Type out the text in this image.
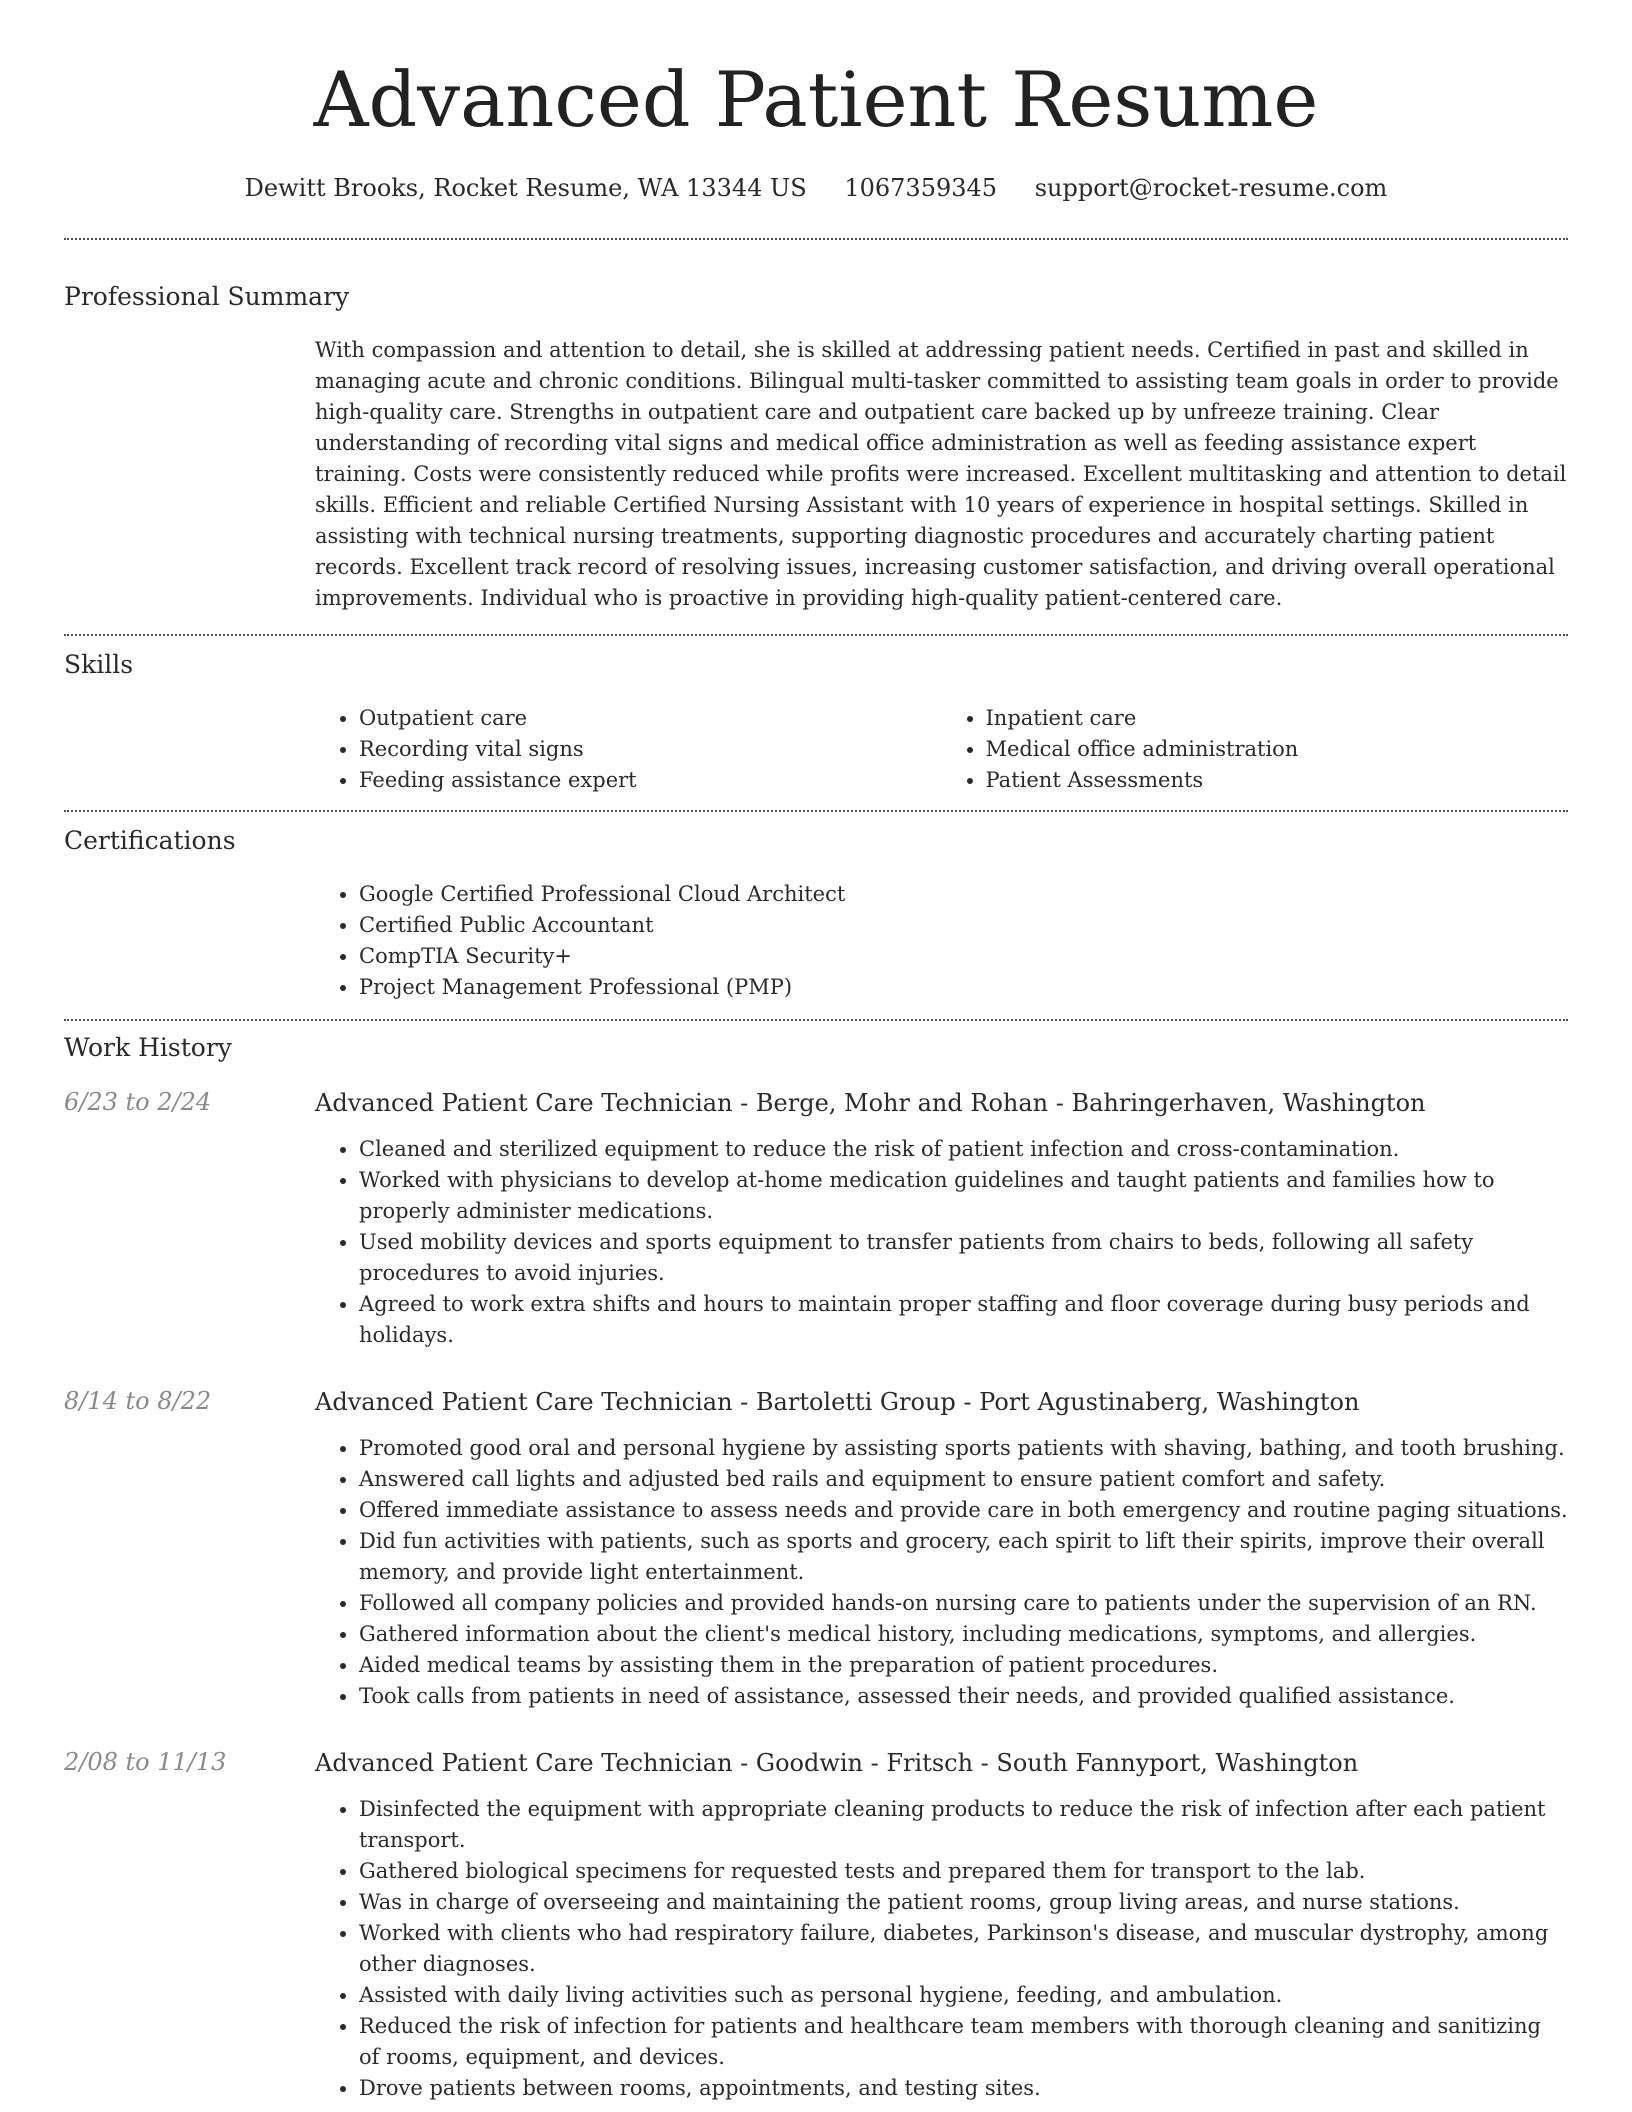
Advanced Patient Resume
Dewitt Brooks, Rocket Resume, WA 13344 US 1067359345 support@rocket-resume.com
Professional Summary

With compassion and attention to detail, she is skilled at addressing patient needs. Certified in past and skilled in managing acute and chronic conditions. Bilingual multi-tasker committed to assisting team goals in order to provide high-quality care. Strengths in outpatient care and outpatient care backed up by unfreeze training. Clear understanding of recording vital signs and medical office administration as well as feeding assistance expert training. Costs were consistently reduced while profits were increased. Excellent multitasking and attention to detail skills. Efficient and reliable Certified Nursing Assistant with 10 years of experience in hospital settings. Skilled in assisting with technical nursing treatments, supporting diagnostic procedures and accurately charting patient records. Excellent track record of resolving issues, increasing customer satisfaction, and driving overall operational improvements. Individual who is proactive in providing high-quality patient-centered care.

Skills
• Outpatient care
• Recording vital signs
• Feeding assistance expert
• Inpatient care
• Medical office administration
• Patient Assessments
Certifications
• Google Certified Professional Cloud Architect
• Certified Public Accountant
• CompTIA Security+
• Project Management Professional (PMP)
Work History
6/23 to 2/24	Advanced Patient Care Technician - Berge, Mohr and Rohan - Bahringerhaven, Washington
• Cleaned and sterilized equipment to reduce the risk of patient infection and cross-contamination.
• Worked with physicians to develop at-home medication guidelines and taught patients and families how to properly administer medications.
• Used mobility devices and sports equipment to transfer patients from chairs to beds, following all safety procedures to avoid injuries.
• Agreed to work extra shifts and hours to maintain proper staffing and floor coverage during busy periods and holidays.
8/14 to 8/22	Advanced Patient Care Technician - Bartoletti Group - Port Agustinaberg, Washington
• Promoted good oral and personal hygiene by assisting sports patients with shaving, bathing, and tooth brushing.
• Answered call lights and adjusted bed rails and equipment to ensure patient comfort and safety.
• Offered immediate assistance to assess needs and provide care in both emergency and routine paging situations.
• Did fun activities with patients, such as sports and grocery, each spirit to lift their spirits, improve their overall memory, and provide light entertainment.
• Followed all company policies and provided hands-on nursing care to patients under the supervision of an RN.
• Gathered information about the client's medical history, including medications, symptoms, and allergies.
• Aided medical teams by assisting them in the preparation of patient procedures.
• Took calls from patients in need of assistance, assessed their needs, and provided qualified assistance.
2/08 to 11/13	Advanced Patient Care Technician - Goodwin - Fritsch - South Fannyport, Washington
• Disinfected the equipment with appropriate cleaning products to reduce the risk of infection after each patient transport.
• Gathered biological specimens for requested tests and prepared them for transport to the lab.
• Was in charge of overseeing and maintaining the patient rooms, group living areas, and nurse stations.
• Worked with clients who had respiratory failure, diabetes, Parkinson's disease, and muscular dystrophy, among other diagnoses.
• Assisted with daily living activities such as personal hygiene, feeding, and ambulation.
• Reduced the risk of infection for patients and healthcare team members with thorough cleaning and sanitizing of rooms, equipment, and devices.
• Drove patients between rooms, appointments, and testing sites.
